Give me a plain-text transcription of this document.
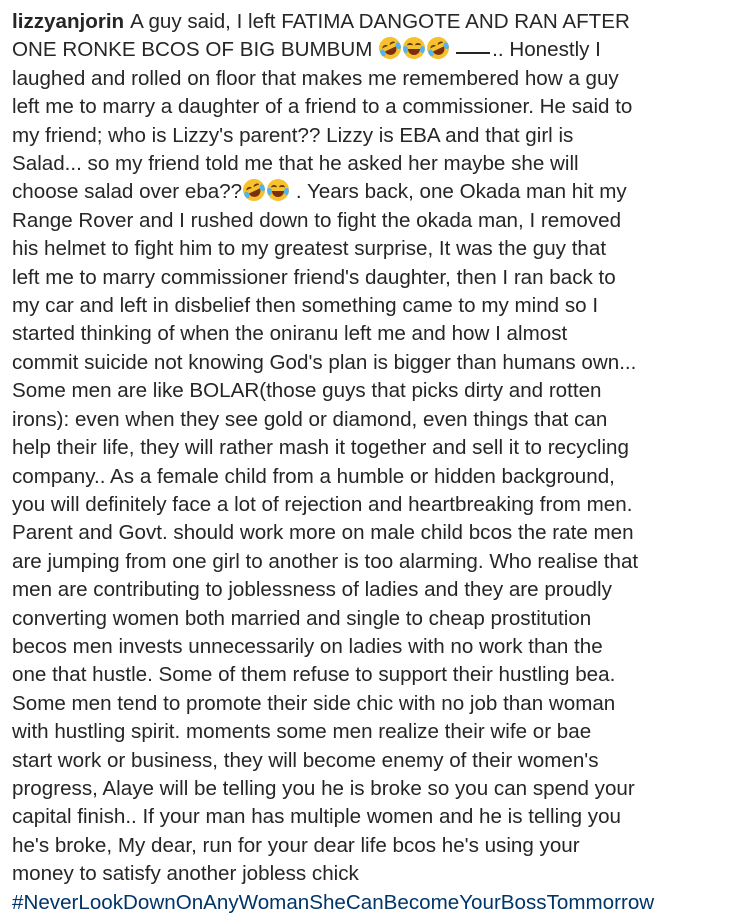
lizzyanjorin A guy said, I left FATIMA DANGOTE AND RAN AFTER
ONE RONKE BCOS OF BIG BUMBUM	.. Honestly I
laughed and rolled on floor that makes me remembered how a guy
left me to marry a daughter of a friend to a commissioner. He said to
my friend; who is Lizzy's parent?? Lizzy is EBA and that girl is
Salad... so my friend told me that he asked her maybe she will
choose salad over eba??	. Years back, one Okada man hit my
Range Rover and I rushed down to fight the okada man, I removed
his helmet to fight him to my greatest surprise, It was the guy that
left me to marry commissioner friend's daughter, then I ran back to
my car and left in disbelief then something came to my mind so I
started thinking of when the oniranu left me and how I almost
commit suicide not knowing God's plan is bigger than humans own...
Some men are like BOLAR(those guys that picks dirty and rotten
irons): even when they see gold or diamond, even things that can
help their life, they will rather mash it together and sell it to recycling
company.. As a female child from a humble or hidden background,
you will definitely face a lot of rejection and heartbreaking from men.
Parent and Govt. should work more on male child bcos the rate men
are jumping from one girl to another is too alarming. Who realise that
men are contributing to joblessness of ladies and they are proudly
converting women both married and single to cheap prostitution
becos men invests unnecessarily on ladies with no work than the
one that hustle. Some of them refuse to support their hustling bea.
Some men tend to promote their side chic with no job than woman
with hustling spirit. moments some men realize their wife or bae
start work or business, they will become enemy of their women's
progress, Alaye will be telling you he is broke so you can spend your
capital finish.. If your man has multiple women and he is telling you
he's broke, My dear, run for your dear life bcos he's using your
money to satisfy another jobless chick
#NeverLookDownOnAnyWomanSheCanBecomeYourBossTommorrow
